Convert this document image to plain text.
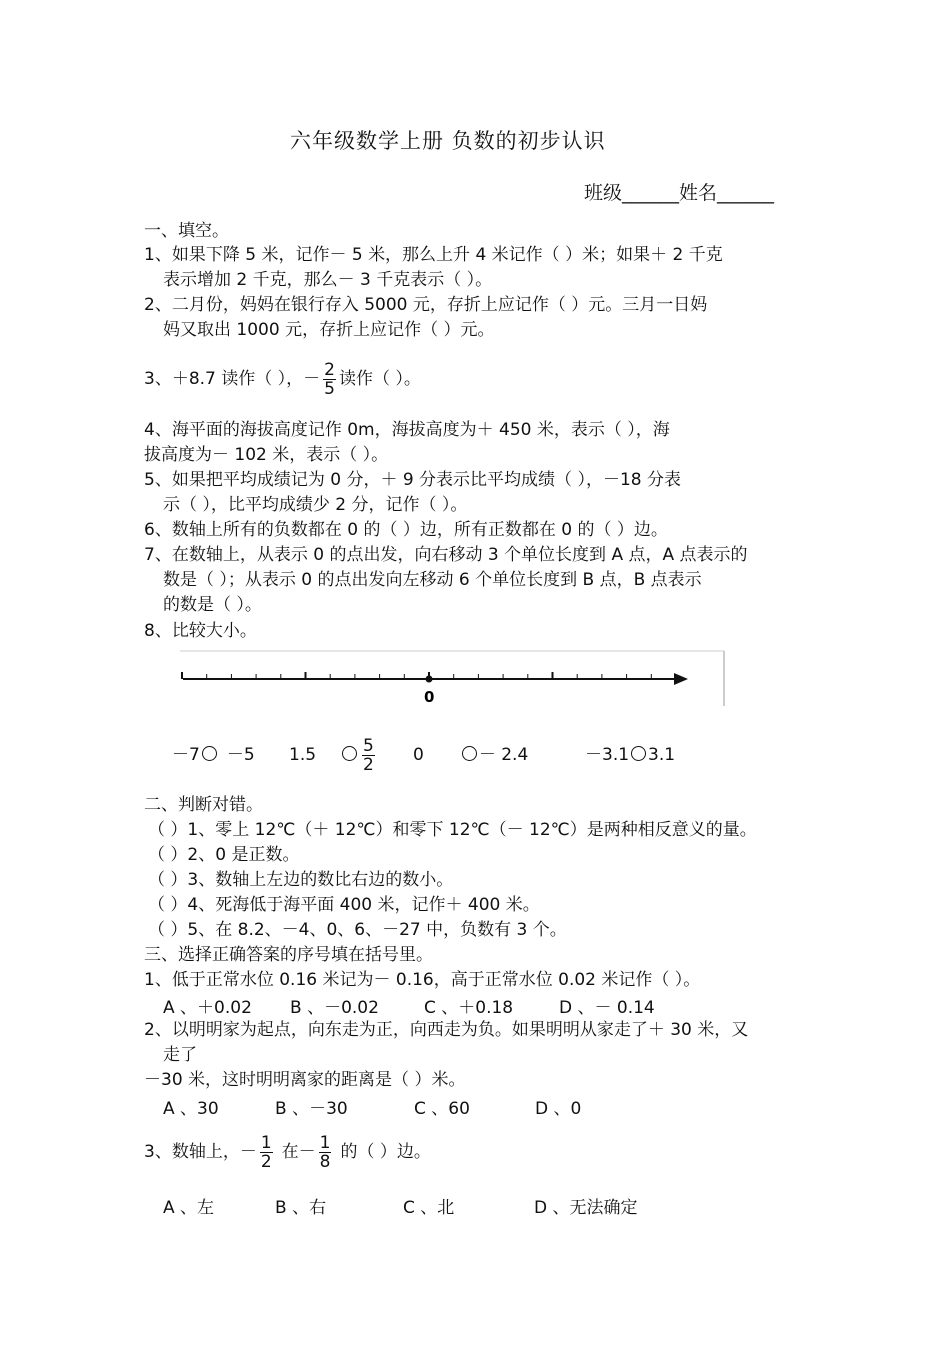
六年级数学上册 负数的初步认识
班级______姓名______
一、填空。
1、如果下降 5 米，记作－ 5 米，那么上升 4 米记作（ ）米；如果＋ 2 千克
表示增加 2 千克，那么－ 3 千克表示（ ）。
2、二月份，妈妈在银行存入 5000 元，存折上应记作（ ）元。三月一日妈
妈又取出 1000 元，存折上应记作（ ）元。
3、＋8.7 读作（ ），－ $\frac{2}{5}$ 读作（ ）。
4、海平面的海拔高度记作 0m，海拔高度为＋ 450 米，表示（ ），海
拔高度为－ 102 米，表示（ ）。
5、如果把平均成绩记为 0 分，＋ 9 分表示比平均成绩（ ），－18 分表
示（ ），比平均成绩少 2 分，记作（ ）。
6、数轴上所有的负数都在 0 的（ ）边，所有正数都在 0 的（ ）边。
7、在数轴上，从表示 0 的点出发，向右移动 3 个单位长度到 A 点，A 点表示的
数是（ ）；从表示 0 的点出发向左移动 6 个单位长度到 B 点，B 点表示
的数是（ ）。
8、比较大小。
0
－7 －5 1.5	$\frac{5}{2} 0$	－ 2.4	－3.1 3.1
二、判断对错。
（ ）1、零上 12℃（＋ 12℃）和零下 12℃（－ 12℃）是两种相反意义的量。
（ ）2、0 是正数。
（ ）3、数轴上左边的数比右边的数小。
（ ）4、死海低于海平面 400 米，记作＋ 400 米。
（ ）5、在 8.2、－4、0、6、－27 中，负数有 3 个。
三、选择正确答案的序号填在括号里。
1、低于正常水位 0.16 米记为－ 0.16，高于正常水位 0.02 米记作（ ）。
A 、＋0.02 B 、－0.02	C 、＋0.18	D 、－ 0.14
2、以明明家为起点，向东走为正，向西走为负。如果明明从家走了＋ 30 米，又
走了
－30 米，这时明明离家的距离是（ ）米。
A 、30	B 、－30	C 、60	D 、0
3、数轴上，－ $\frac{1}{2}$ 在－ $\frac{1}{8}$ 的（ ）边。
A 、左	B 、右	C 、北	D 、无法确定
